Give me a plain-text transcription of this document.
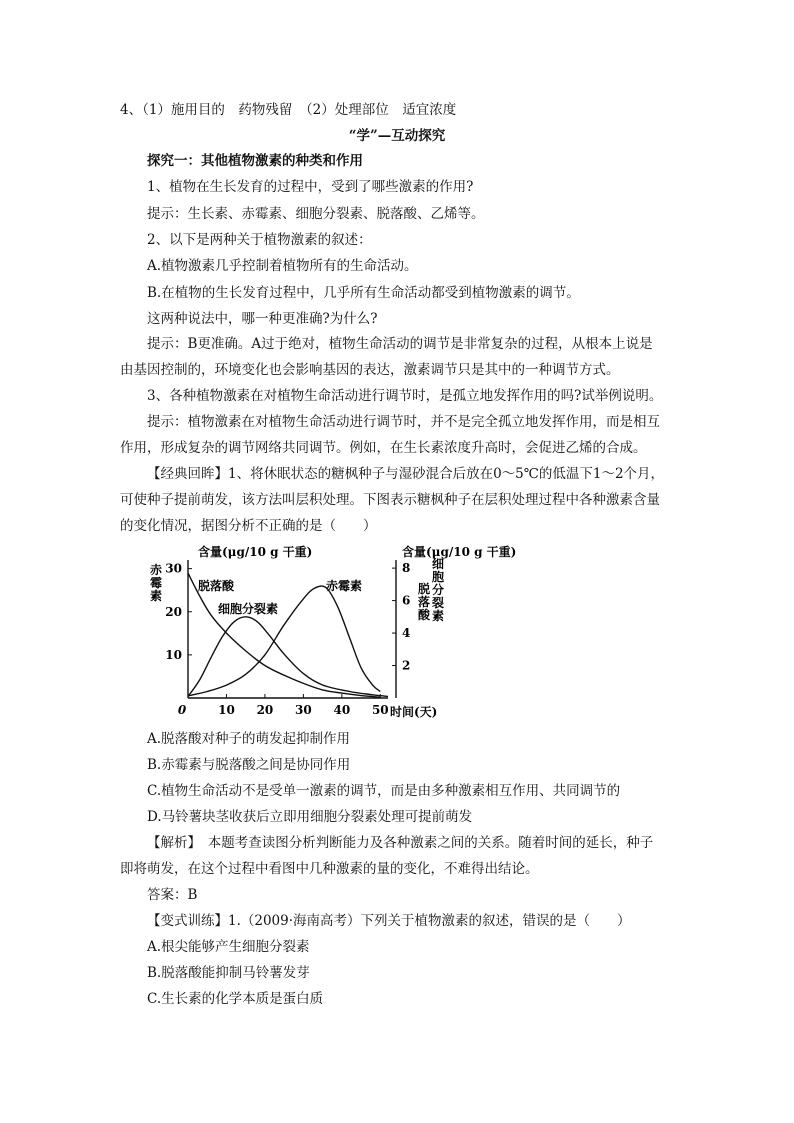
4、（1）施用目的　药物残留　（2）处理部位　适宜浓度
“学”—互动探究
探究一：其他植物激素的种类和作用
1、植物在生长发育的过程中，受到了哪些激素的作用?
提示：生长素、赤霉素、细胞分裂素、脱落酸、乙烯等。
2、以下是两种关于植物激素的叙述：
A.植物激素几乎控制着植物所有的生命活动。
B.在植物的生长发育过程中，几乎所有生命活动都受到植物激素的调节。
这两种说法中，哪一种更准确?为什么?
提示：B更准确。A过于绝对，植物生命活动的调节是非常复杂的过程，从根本上说是
由基因控制的，环境变化也会影响基因的表达，激素调节只是其中的一种调节方式。
3、各种植物激素在对植物生命活动进行调节时，是孤立地发挥作用的吗?试举例说明。
提示：植物激素在对植物生命活动进行调节时，并不是完全孤立地发挥作用，而是相互
作用，形成复杂的调节网络共同调节。例如，在生长素浓度升高时，会促进乙烯的合成。
【经典回眸】1、将休眠状态的糖枫种子与湿砂混合后放在0～5℃的低温下1～2个月，
可使种子提前萌发，该方法叫层积处理。下图表示糖枫种子在层积处理过程中各种激素含量
的变化情况，据图分析不正确的是（　　）
含量(μg/10 g 干重)	含量(μg/10 g 干重)
赤霉素	脱落酸 细胞分裂素
时间(天)
0	10 20 30 40 50
10
20
30
2
4
6
8
脱落酸
细胞分裂素
赤霉素
A.脱落酸对种子的萌发起抑制作用
B.赤霉素与脱落酸之间是协同作用
C.植物生命活动不是受单一激素的调节，而是由多种激素相互作用、共同调节的
D.马铃薯块茎收获后立即用细胞分裂素处理可提前萌发
【解析】　本题考查读图分析判断能力及各种激素之间的关系。随着时间的延长，种子
即将萌发，在这个过程中看图中几种激素的量的变化，不难得出结论。
答案：B
【变式训练】1.（2009·海南高考）下列关于植物激素的叙述，错误的是（　　）
A.根尖能够产生细胞分裂素
B.脱落酸能抑制马铃薯发芽
C.生长素的化学本质是蛋白质
